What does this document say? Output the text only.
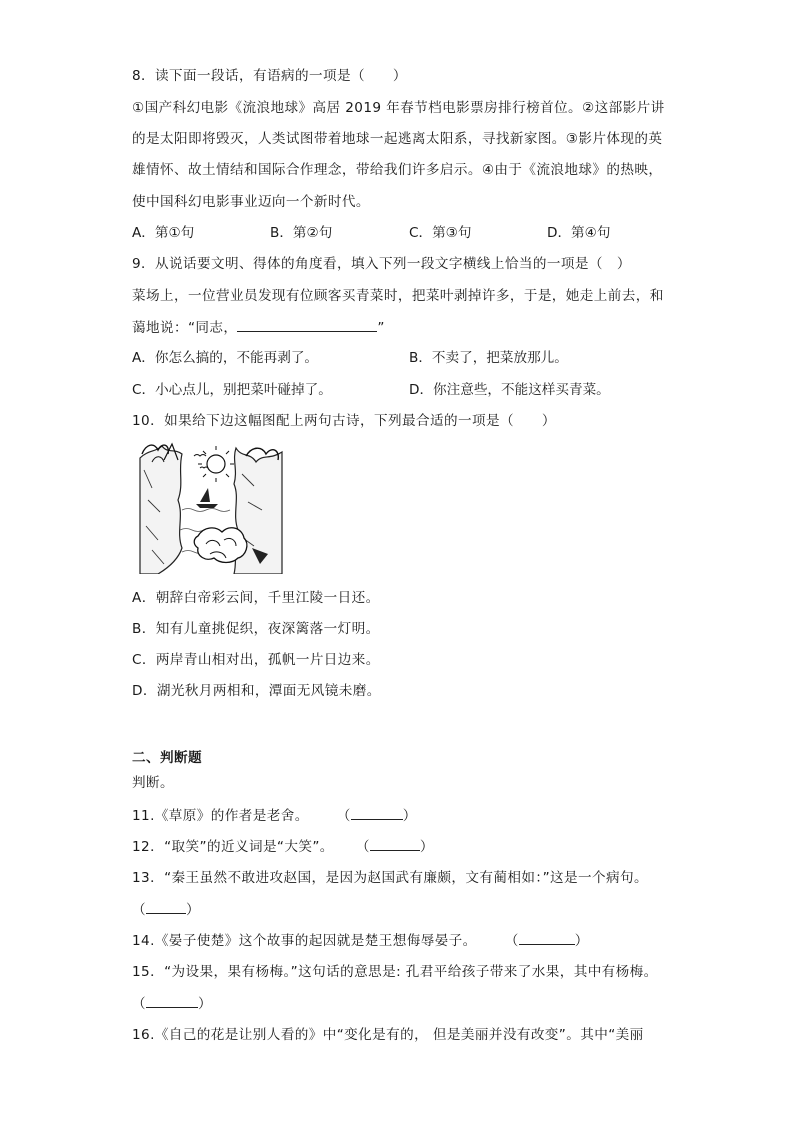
8．读下面一段话，有语病的一项是（　　）
①国产科幻电影《流浪地球》高居 2019 年春节档电影票房排行榜首位。②这部影片讲
的是太阳即将毁灭，人类试图带着地球一起逃离太阳系，寻找新家图。③影片体现的英
雄情怀、故土情结和国际合作理念，带给我们许多启示。④由于《流浪地球》的热映，
使中国科幻电影事业迈向一个新时代。
A．第①句	B．第②句	C．第③句	D．第④句
9．从说话要文明、得体的角度看，填入下列一段文字横线上恰当的一项是（　）
菜场上，一位营业员发现有位顾客买青菜时，把菜叶剥掉许多，于是，她走上前去，和
蔼地说：“同志，	”
A．你怎么搞的，不能再剥了。	B．不卖了，把菜放那儿。
C．小心点儿，别把菜叶碰掉了。	D．你注意些，不能这样买青菜。
10．如果给下边这幅图配上两句古诗，下列最合适的一项是（　　）
A．朝辞白帝彩云间，千里江陵一日还。
B．知有儿童挑促织，夜深篱落一灯明。
C．两岸青山相对出，孤帆一片日边来。
D．湖光秋月两相和，潭面无风镜未磨。
二、判断题
判断。
11.《草原》的作者是老舍。 （	）
12．“取笑”的近义词是“大笑”。 （	）
13．“秦王虽然不敢进攻赵国，是因为赵国武有廉颇，文有蔺相如：”这是一个病句。
（	）
14.《晏子使楚》这个故事的起因就是楚王想侮辱晏子。 （	）
15．“为设果，果有杨梅。”这句话的意思是: 孔君平给孩子带来了水果，其中有杨梅。
（	）
16.《自己的花是让别人看的》中“变化是有的， 但是美丽并没有改变”。其中“美丽
